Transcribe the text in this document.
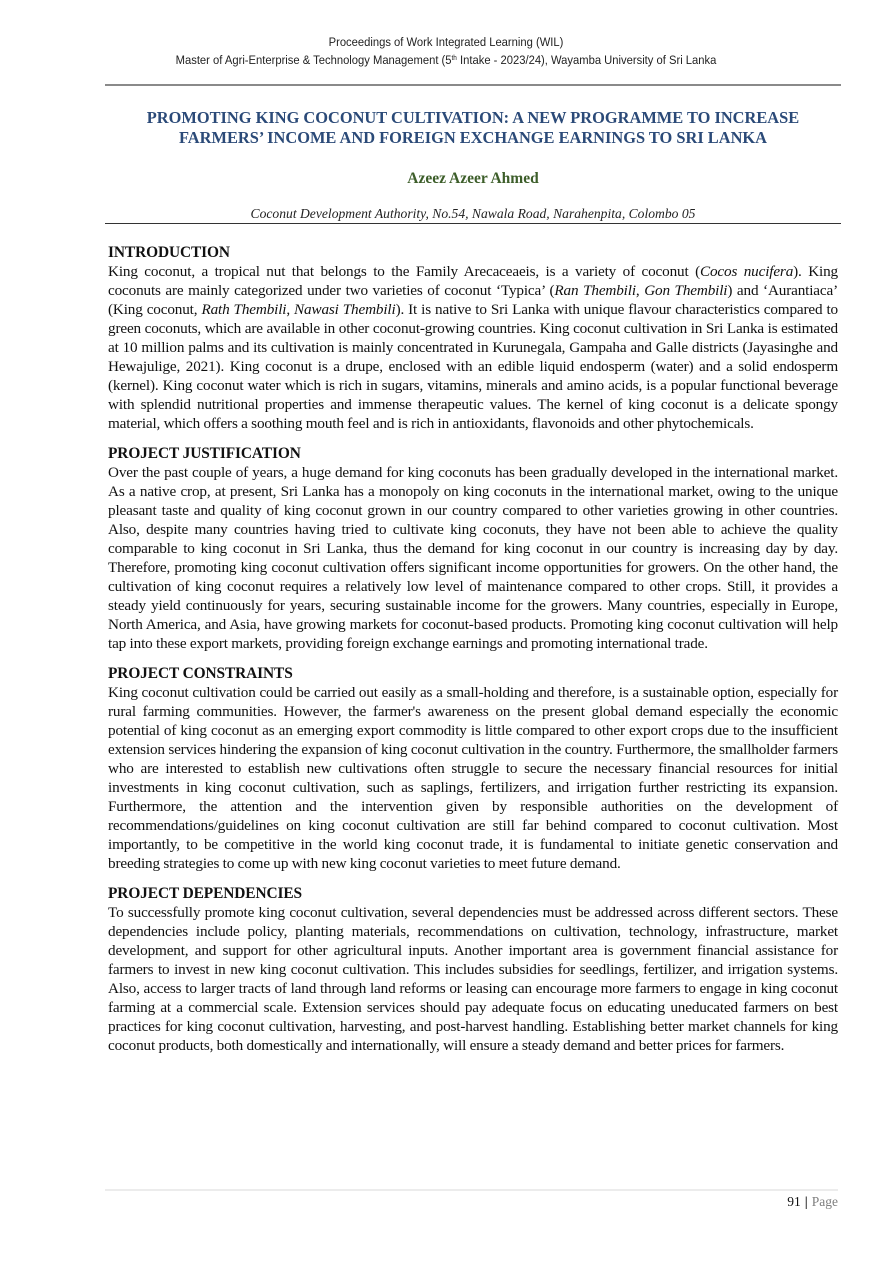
Proceedings of Work Integrated Learning (WIL)
Master of Agri-Enterprise & Technology Management (5th Intake - 2023/24), Wayamba University of Sri Lanka
PROMOTING KING COCONUT CULTIVATION: A NEW PROGRAMME TO INCREASE
FARMERS’ INCOME AND FOREIGN EXCHANGE EARNINGS TO SRI LANKA
Azeez Azeer Ahmed
Coconut Development Authority, No.54, Nawala Road, Narahenpita, Colombo 05
INTRODUCTION

King coconut, a tropical nut that belongs to the Family Arecaceaeis, is a variety of coconut (Cocos nucifera). King coconuts are mainly categorized under two varieties of coconut ‘Typica’ (Ran Thembili, Gon Thembili) and ‘Aurantiaca’ (King coconut, Rath Thembili, Nawasi Thembili). It is native to Sri Lanka with unique flavour characteristics compared to green coconuts, which are available in other coconut-growing countries. King coconut cultivation in Sri Lanka is estimated at 10 million palms and its cultivation is mainly concentrated in Kurunegala, Gampaha and Galle districts (Jayasinghe and Hewajulige, 2021). King coconut is a drupe, enclosed with an edible liquid endosperm (water) and a solid endosperm (kernel). King coconut water which is rich in sugars, vitamins, minerals and amino acids, is a popular functional beverage with splendid nutritional properties and immense therapeutic values. The kernel of king coconut is a delicate spongy material, which offers a soothing mouth feel and is rich in antioxidants, flavonoids and other phytochemicals.

PROJECT JUSTIFICATION

Over the past couple of years, a huge demand for king coconuts has been gradually developed in the international market. As a native crop, at present, Sri Lanka has a monopoly on king coconuts in the international market, owing to the unique pleasant taste and quality of king coconut grown in our country compared to other varieties growing in other countries. Also, despite many countries having tried to cultivate king coconuts, they have not been able to achieve the quality comparable to king coconut in Sri Lanka, thus the demand for king coconut in our country is increasing day by day. Therefore, promoting king coconut cultivation offers significant income opportunities for growers. On the other hand, the cultivation of king coconut requires a relatively low level of maintenance compared to other crops. Still, it provides a steady yield continuously for years, securing sustainable income for the growers. Many countries, especially in Europe, North America, and Asia, have growing markets for coconut-based products. Promoting king coconut cultivation will help tap into these export markets, providing foreign exchange earnings and promoting international trade.

PROJECT CONSTRAINTS

King coconut cultivation could be carried out easily as a small-holding and therefore, is a sustainable option, especially for rural farming communities. However, the farmer's awareness on the present global demand especially the economic potential of king coconut as an emerging export commodity is little compared to other export crops due to the insufficient extension services hindering the expansion of king coconut cultivation in the country. Furthermore, the smallholder farmers who are interested to establish new cultivations often struggle to secure the necessary financial resources for initial investments in king coconut cultivation, such as saplings, fertilizers, and irrigation further restricting its expansion. Furthermore, the attention and the intervention given by responsible authorities on the development of recommendations/guidelines on king coconut cultivation are still far behind compared to coconut cultivation. Most importantly, to be competitive in the world king coconut trade, it is fundamental to initiate genetic conservation and breeding strategies to come up with new king coconut varieties to meet future demand.

PROJECT DEPENDENCIES

To successfully promote king coconut cultivation, several dependencies must be addressed across different sectors. These dependencies include policy, planting materials, recommendations on cultivation, technology, infrastructure, market development, and support for other agricultural inputs. Another important area is government financial assistance for farmers to invest in new king coconut cultivation. This includes subsidies for seedlings, fertilizer, and irrigation systems. Also, access to larger tracts of land through land reforms or leasing can encourage more farmers to engage in king coconut farming at a commercial scale. Extension services should pay adequate focus on educating uneducated farmers on best practices for king coconut cultivation, harvesting, and post-harvest handling. Establishing better market channels for king coconut products, both domestically and internationally, will ensure a steady demand and better prices for farmers.

91 | Page
